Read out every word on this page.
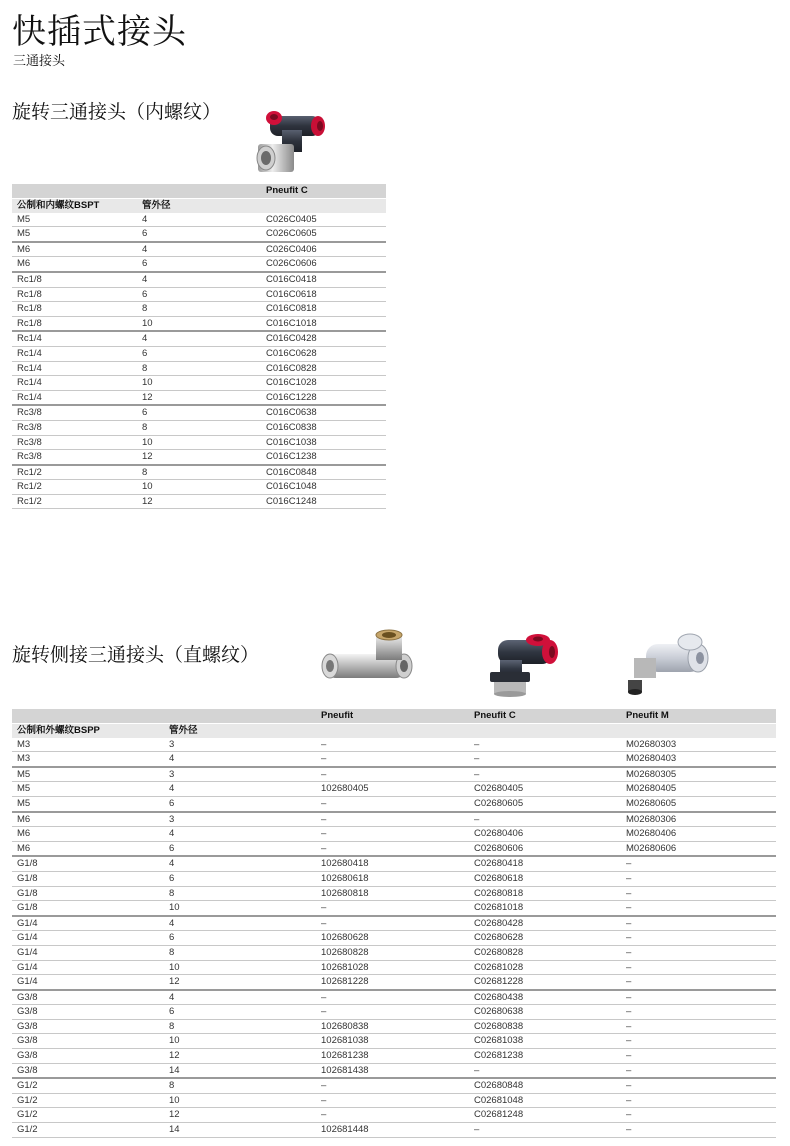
快插式接头
三通接头
旋转三通接头（内螺纹）
		Pneufit C
公制和内螺纹BSPT	管外径	
M5	4	C026C0405
M5	6	C026C0605
M6	4	C026C0406
M6	6	C026C0606
Rc1/8	4	C016C0418
Rc1/8	6	C016C0618
Rc1/8	8	C016C0818
Rc1/8	10	C016C1018
Rc1/4	4	C016C0428
Rc1/4	6	C016C0628
Rc1/4	8	C016C0828
Rc1/4	10	C016C1028
Rc1/4	12	C016C1228
Rc3/8	6	C016C0638
Rc3/8	8	C016C0838
Rc3/8	10	C016C1038
Rc3/8	12	C016C1238
Rc1/2	8	C016C0848
Rc1/2	10	C016C1048
Rc1/2	12	C016C1248
旋转侧接三通接头（直螺纹）
		Pneufit	Pneufit C	Pneufit M
公制和外螺纹BSPP	管外径			
M3	3	–	–	M02680303
M3	4	–	–	M02680403
M5	3	–	–	M02680305
M5	4	102680405	C02680405	M02680405
M5	6	–	C02680605	M02680605
M6	3	–	–	M02680306
M6	4	–	C02680406	M02680406
M6	6	–	C02680606	M02680606
G1/8	4	102680418	C02680418	–
G1/8	6	102680618	C02680618	–
G1/8	8	102680818	C02680818	–
G1/8	10	–	C02681018	–
G1/4	4	–	C02680428	–
G1/4	6	102680628	C02680628	–
G1/4	8	102680828	C02680828	–
G1/4	10	102681028	C02681028	–
G1/4	12	102681228	C02681228	–
G3/8	4	–	C02680438	–
G3/8	6	–	C02680638	–
G3/8	8	102680838	C02680838	–
G3/8	10	102681038	C02681038	–
G3/8	12	102681238	C02681238	–
G3/8	14	102681438	–	–
G1/2	8	–	C02680848	–
G1/2	10	–	C02681048	–
G1/2	12	–	C02681248	–
G1/2	14	102681448	–	–
